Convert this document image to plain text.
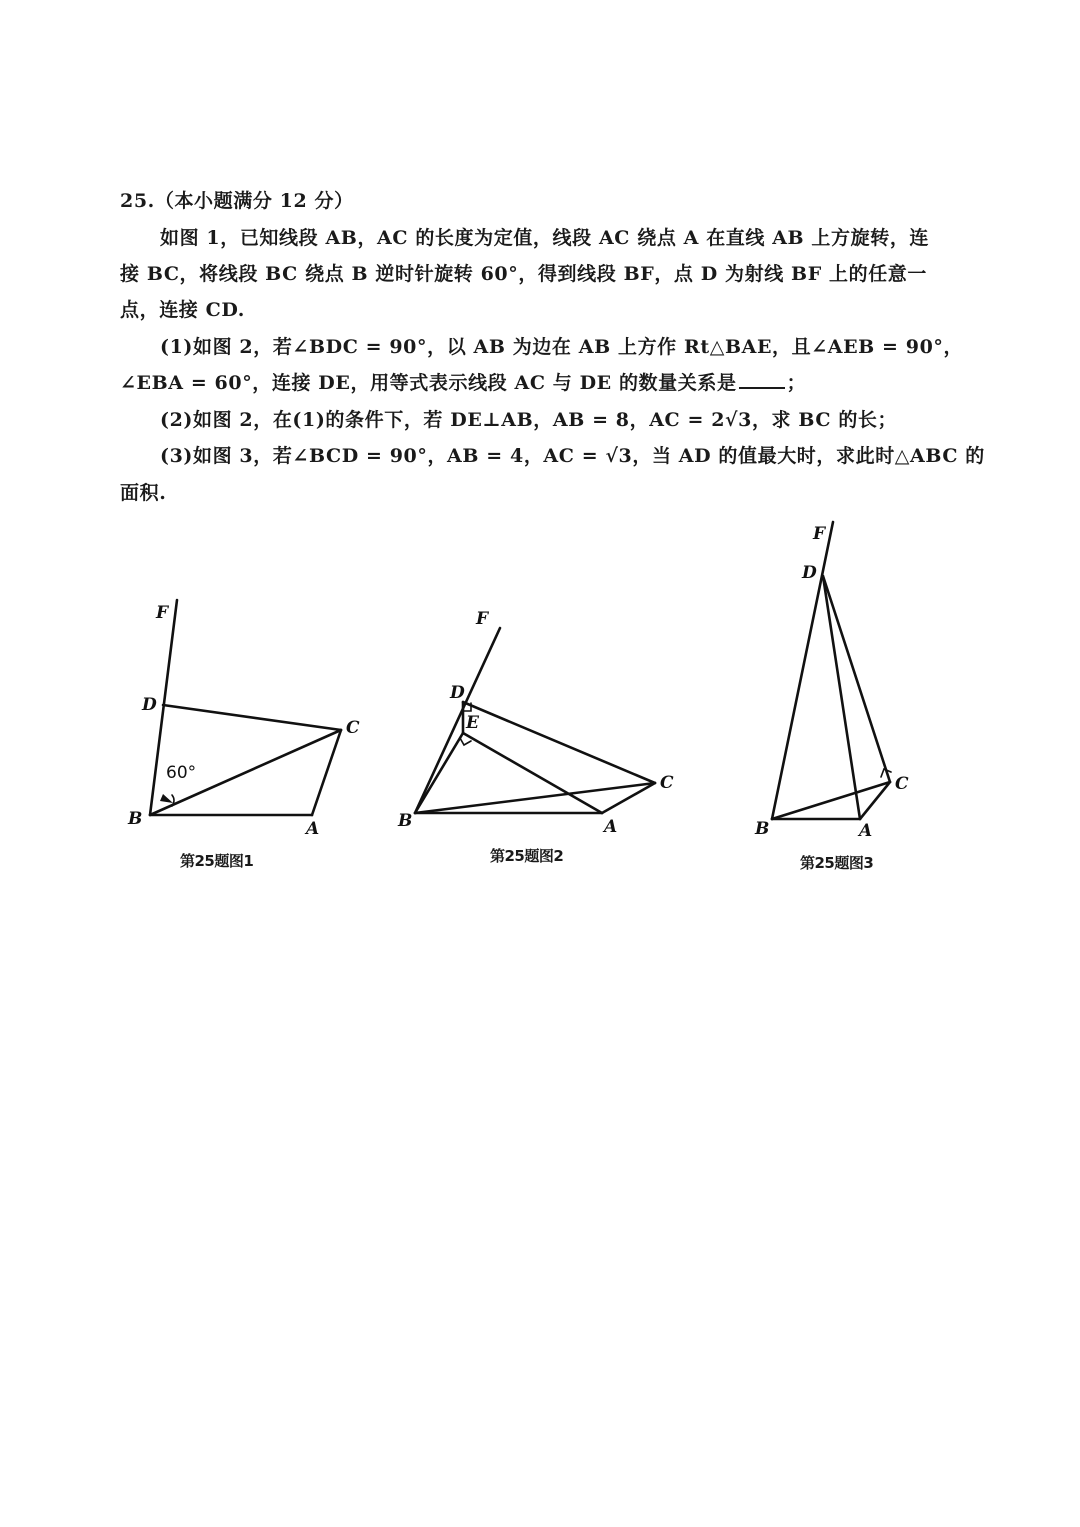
25.（本小题满分 12 分）
如图 1，已知线段 AB，AC 的长度为定值，线段 AC 绕点 A 在直线 AB 上方旋转，连
接 BC，将线段 BC 绕点 B 逆时针旋转 60°，得到线段 BF，点 D 为射线 BF 上的任意一
点，连接 CD.
(1)如图 2，若∠BDC = 90°，以 AB 为边在 AB 上方作 Rt△BAE，且∠AEB = 90°，
∠EBA = 60°，连接 DE，用等式表示线段 AC 与 DE 的数量关系是	；
(2)如图 2，在(1)的条件下，若 DE⊥AB，AB = 8，AC = 2√3，求 BC 的长；
(3)如图 3，若∠BCD = 90°，AB = 4，AC = √3，当 AD 的值最大时，求此时△ABC 的
面积.
60°
F
D
C
B	A
第25题图1
F
D
E
C
B	A
第25题图2
F
D
C
B	A
第25题图3
